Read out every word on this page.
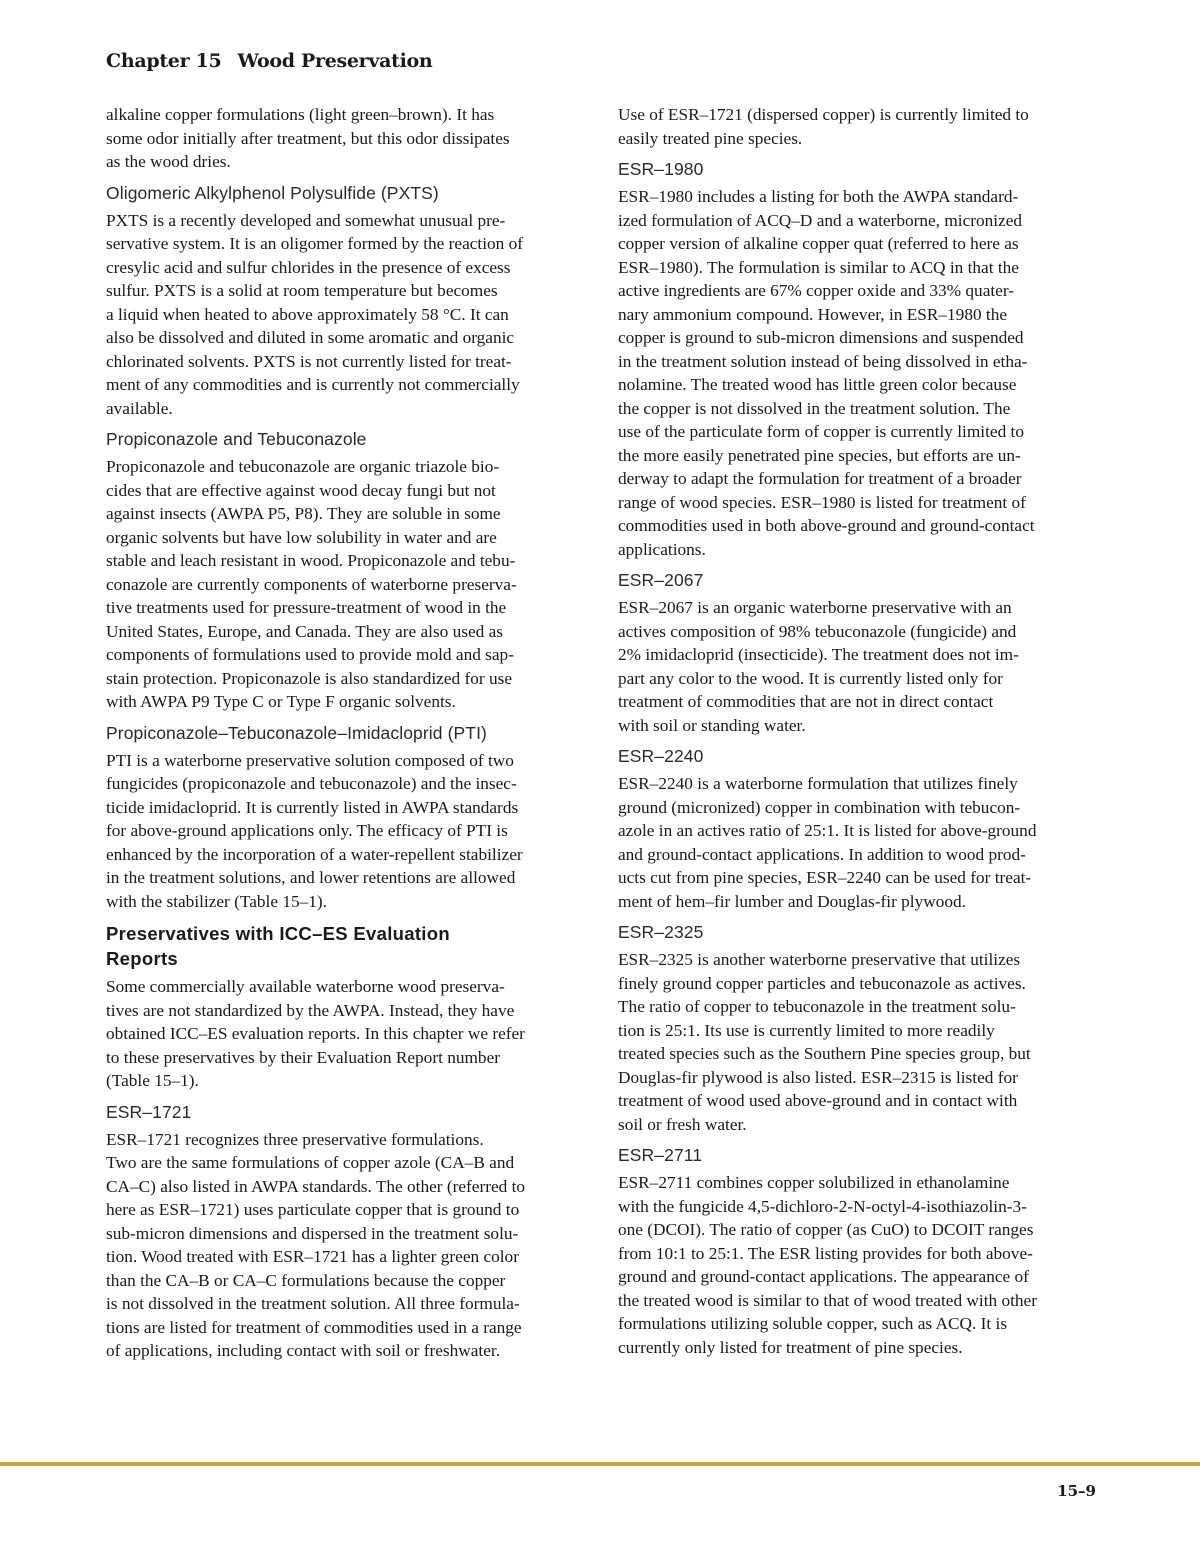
Chapter 15 Wood Preservation

alkaline copper formulations (light green–brown). It has
some odor initially after treatment, but this odor dissipates
as the wood dries.

Oligomeric Alkylphenol Polysulfide (PXTS)

PXTS is a recently developed and somewhat unusual pre-
servative system. It is an oligomer formed by the reaction of
cresylic acid and sulfur chlorides in the presence of excess
sulfur. PXTS is a solid at room temperature but becomes
a liquid when heated to above approximately 58 °C. It can
also be dissolved and diluted in some aromatic and organic
chlorinated solvents. PXTS is not currently listed for treat-
ment of any commodities and is currently not commercially
available.

Propiconazole and Tebuconazole

Propiconazole and tebuconazole are organic triazole bio-
cides that are effective against wood decay fungi but not
against insects (AWPA P5, P8). They are soluble in some
organic solvents but have low solubility in water and are
stable and leach resistant in wood. Propiconazole and tebu-
conazole are currently components of waterborne preserva-
tive treatments used for pressure-treatment of wood in the
United States, Europe, and Canada. They are also used as
components of formulations used to provide mold and sap-
stain protection. Propiconazole is also standardized for use
with AWPA P9 Type C or Type F organic solvents.

Propiconazole–Tebuconazole–Imidacloprid (PTI)

PTI is a waterborne preservative solution composed of two
fungicides (propiconazole and tebuconazole) and the insec-
ticide imidacloprid. It is currently listed in AWPA standards
for above-ground applications only. The efficacy of PTI is
enhanced by the incorporation of a water-repellent stabilizer
in the treatment solutions, and lower retentions are allowed
with the stabilizer (Table 15–1).

Preservatives with ICC–ES Evaluation
Reports

Some commercially available waterborne wood preserva-
tives are not standardized by the AWPA. Instead, they have
obtained ICC–ES evaluation reports. In this chapter we refer
to these preservatives by their Evaluation Report number
(Table 15–1).

ESR–1721

ESR–1721 recognizes three preservative formulations.
Two are the same formulations of copper azole (CA–B and
CA–C) also listed in AWPA standards. The other (referred to
here as ESR–1721) uses particulate copper that is ground to
sub-micron dimensions and dispersed in the treatment solu-
tion. Wood treated with ESR–1721 has a lighter green color
than the CA–B or CA–C formulations because the copper
is not dissolved in the treatment solution. All three formula-
tions are listed for treatment of commodities used in a range
of applications, including contact with soil or freshwater.

Use of ESR–1721 (dispersed copper) is currently limited to
easily treated pine species.

ESR–1980

ESR–1980 includes a listing for both the AWPA standard-
ized formulation of ACQ–D and a waterborne, micronized
copper version of alkaline copper quat (referred to here as
ESR–1980). The formulation is similar to ACQ in that the
active ingredients are 67% copper oxide and 33% quater-
nary ammonium compound. However, in ESR–1980 the
copper is ground to sub-micron dimensions and suspended
in the treatment solution instead of being dissolved in etha-
nolamine. The treated wood has little green color because
the copper is not dissolved in the treatment solution. The
use of the particulate form of copper is currently limited to
the more easily penetrated pine species, but efforts are un-
derway to adapt the formulation for treatment of a broader
range of wood species. ESR–1980 is listed for treatment of
commodities used in both above-ground and ground-contact
applications.

ESR–2067

ESR–2067 is an organic waterborne preservative with an
actives composition of 98% tebuconazole (fungicide) and
2% imidacloprid (insecticide). The treatment does not im-
part any color to the wood. It is currently listed only for
treatment of commodities that are not in direct contact
with soil or standing water.

ESR–2240

ESR–2240 is a waterborne formulation that utilizes finely
ground (micronized) copper in combination with tebucon-
azole in an actives ratio of 25:1. It is listed for above-ground
and ground-contact applications. In addition to wood prod-
ucts cut from pine species, ESR–2240 can be used for treat-
ment of hem–fir lumber and Douglas-fir plywood.

ESR–2325

ESR–2325 is another waterborne preservative that utilizes
finely ground copper particles and tebuconazole as actives.
The ratio of copper to tebuconazole in the treatment solu-
tion is 25:1. Its use is currently limited to more readily
treated species such as the Southern Pine species group, but
Douglas-fir plywood is also listed. ESR–2315 is listed for
treatment of wood used above-ground and in contact with
soil or fresh water.

ESR–2711

ESR–2711 combines copper solubilized in ethanolamine
with the fungicide 4,5-dichloro-2-N-octyl-4-isothiazolin-3-
one (DCOI). The ratio of copper (as CuO) to DCOIT ranges
from 10:1 to 25:1. The ESR listing provides for both above-
ground and ground-contact applications. The appearance of
the treated wood is similar to that of wood treated with other
formulations utilizing soluble copper, such as ACQ. It is
currently only listed for treatment of pine species.

15–9
